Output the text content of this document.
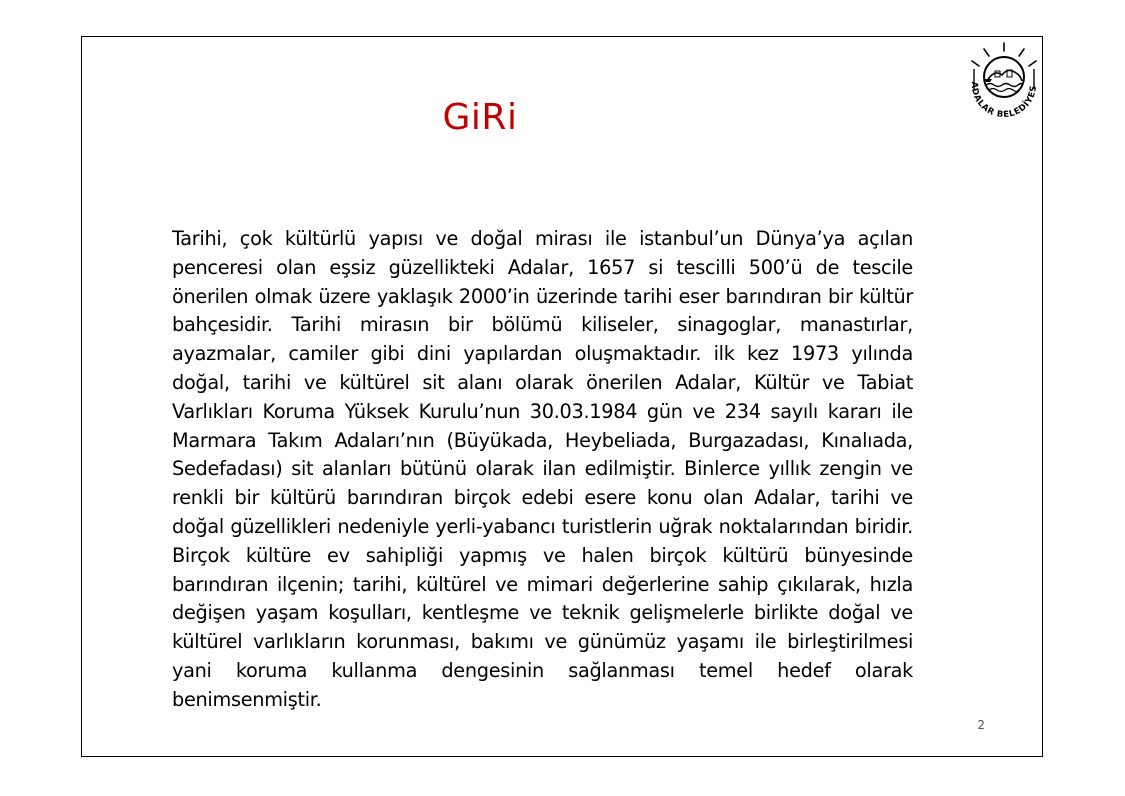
ADALAR BELEDİYES
GiRi

Tarihi, çok kültürlü yapısı ve doğal mirası ile istanbul’un Dünya’ya açılan penceresi olan eşsiz güzellikteki Adalar, 1657 si tescilli 500’ü de tescile önerilen olmak üzere yaklaşık 2000’in üzerinde tarihi eser barındıran bir kültür bahçesidir. Tarihi mirasın bir bölümü kiliseler, sinagoglar, manastırlar, ayazmalar, camiler gibi dini yapılardan oluşmaktadır. ilk kez 1973 yılında doğal, tarihi ve kültürel sit alanı olarak önerilen Adalar, Kültür ve Tabiat Varlıkları Koruma Yüksek Kurulu’nun 30.03.1984 gün ve 234 sayılı kararı ile Marmara Takım Adaları’nın (Büyükada, Heybeliada, Burgazadası, Kınalıada, Sedefadası) sit alanları bütünü olarak ilan edilmiştir. Binlerce yıllık zengin ve renkli bir kültürü barındıran birçok edebi esere konu olan Adalar, tarihi ve doğal güzellikleri nedeniyle yerli-yabancı turistlerin uğrak noktalarından biridir. Birçok kültüre ev sahipliği yapmış ve halen birçok kültürü bünyesinde barındıran ilçenin; tarihi, kültürel ve mimari değerlerine sahip çıkılarak, hızla değişen yaşam koşulları, kentleşme ve teknik gelişmelerle birlikte doğal ve kültürel varlıkların korunması, bakımı ve günümüz yaşamı ile birleştirilmesi yani koruma kullanma dengesinin sağlanması temel hedef olarak benimsenmiştir.

2
